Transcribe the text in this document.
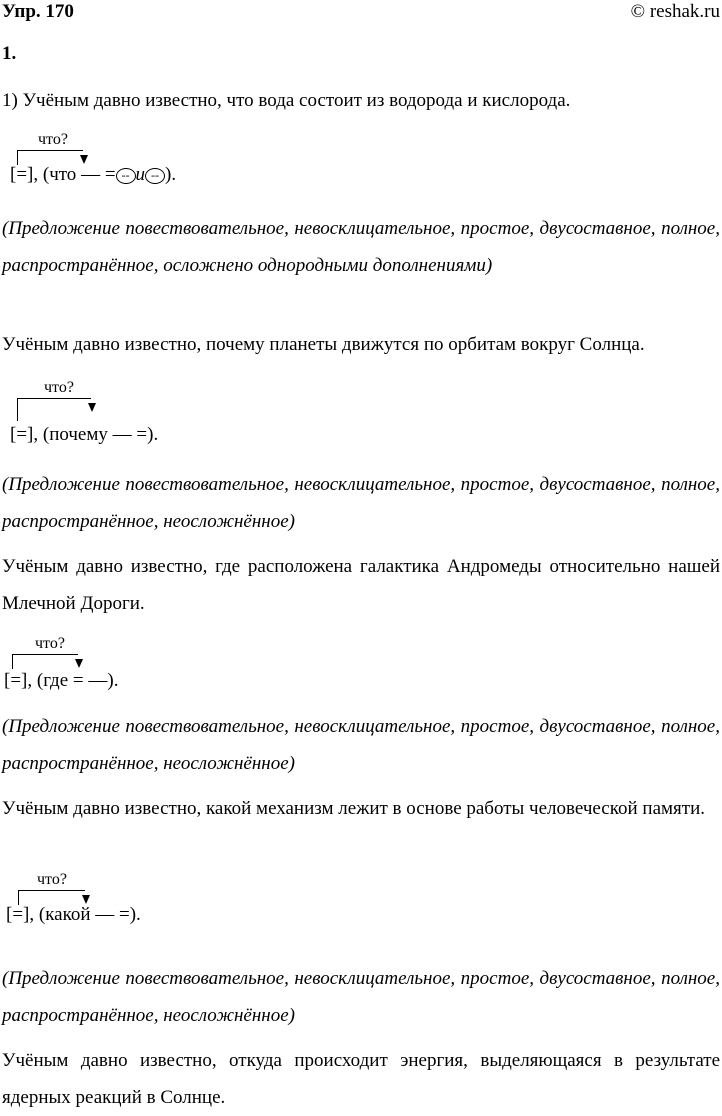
Упр. 170	© reshak.ru
1.
1) Учёным давно известно, что вода состоит из водорода и кислорода.
что?
[=], (что — = -- и -- ).
(Предложение повествовательное, невосклицательное, простое, двусоставное, полное, распространённое, осложнено однородными дополнениями)
Учёным давно известно, почему планеты движутся по орбитам вокруг Солнца.
что?
[=], (почему — =).
(Предложение повествовательное, невосклицательное, простое, двусоставное, полное, распространённое, неосложнённое)
Учёным давно известно, где расположена галактика Андромеды относительно нашей Млечной Дороги.
что?
[=], (где = —).
(Предложение повествовательное, невосклицательное, простое, двусоставное, полное, распространённое, неосложнённое)
Учёным давно известно, какой механизм лежит в основе работы человеческой памяти.
что?
[=], (какой — =).
(Предложение повествовательное, невосклицательное, простое, двусоставное, полное, распространённое, неосложнённое)
Учёным давно известно, откуда происходит энергия, выделяющаяся в результате ядерных реакций в Солнце.
